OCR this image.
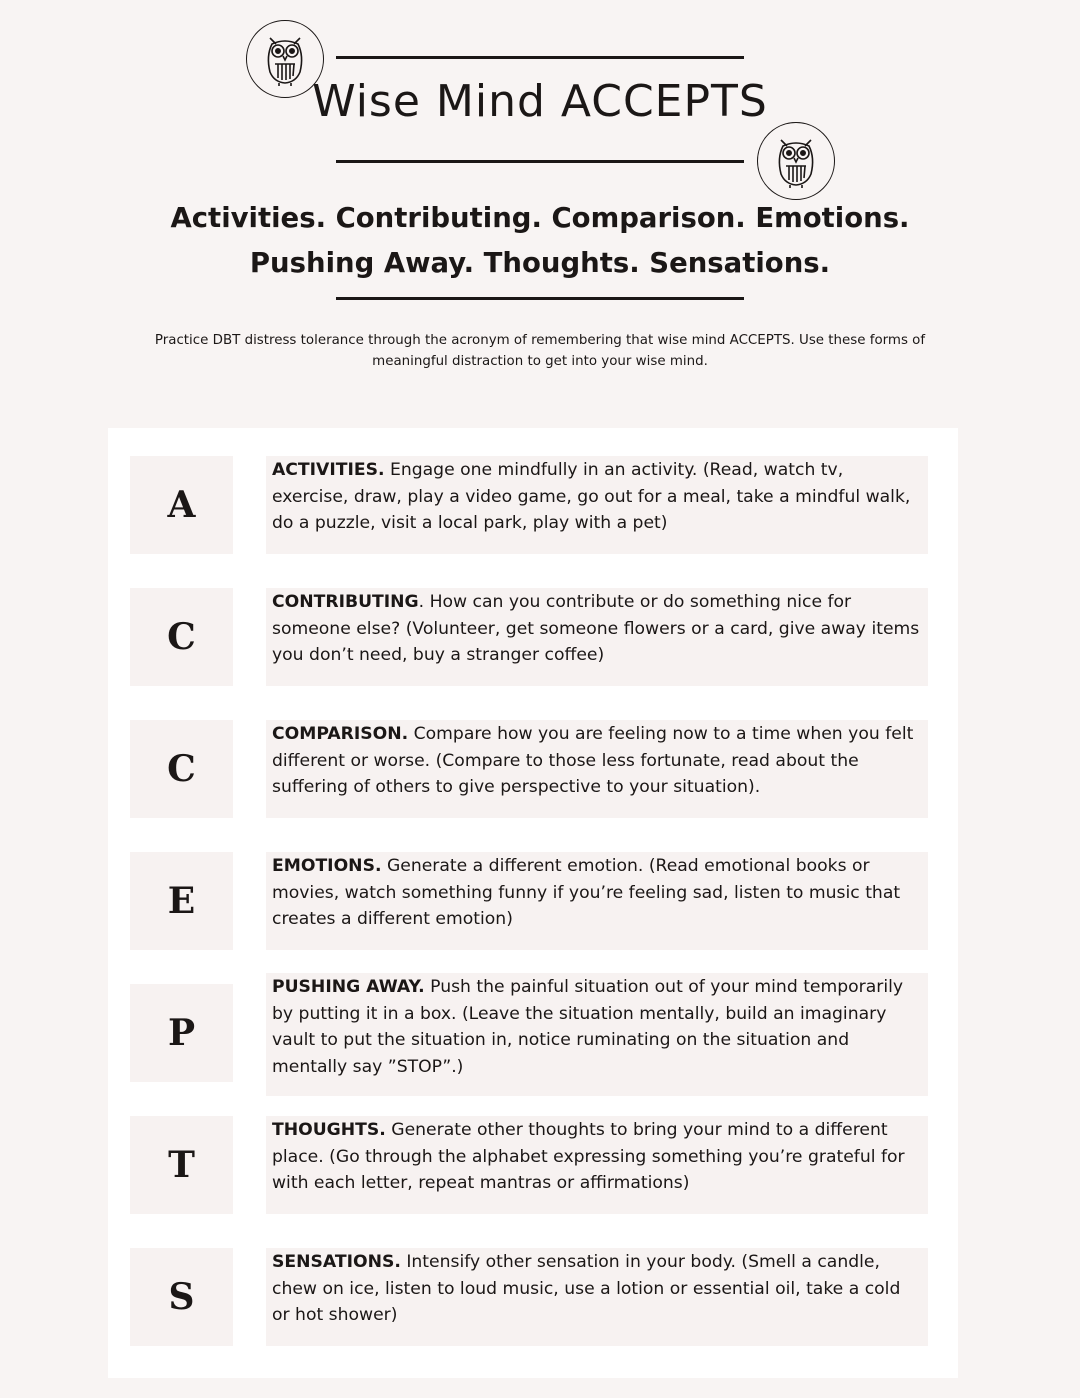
Wise Mind ACCEPTS
Activities. Contributing. Comparison. Emotions.
Pushing Away. Thoughts. Sensations.
Practice DBT distress tolerance through the acronym of remembering that wise mind ACCEPTS. Use these forms of
meaningful distraction to get into your wise mind.
A
ACTIVITIES. Engage one mindfully in an activity. (Read, watch tv, exercise, draw, play a video game, go out for a meal, take a mindful walk, do a puzzle, visit a local park, play with a pet)
C
CONTRIBUTING. How can you contribute or do something nice for someone else? (Volunteer, get someone flowers or a card, give away items you don’t need, buy a stranger coffee)
C
COMPARISON. Compare how you are feeling now to a time when you felt different or worse. (Compare to those less fortunate, read about the suffering of others to give perspective to your situation).
E
EMOTIONS. Generate a different emotion. (Read emotional books or movies, watch something funny if you’re feeling sad, listen to music that creates a different emotion)
P
PUSHING AWAY. Push the painful situation out of your mind temporarily by putting it in a box. (Leave the situation mentally, build an imaginary vault to put the situation in, notice ruminating on the situation and mentally say ”STOP”.)
T
THOUGHTS. Generate other thoughts to bring your mind to a different place. (Go through the alphabet expressing something you’re grateful for with each letter, repeat mantras or affirmations)
S
SENSATIONS. Intensify other sensation in your body. (Smell a candle, chew on ice, listen to loud music, use a lotion or essential oil, take a cold or hot shower)
